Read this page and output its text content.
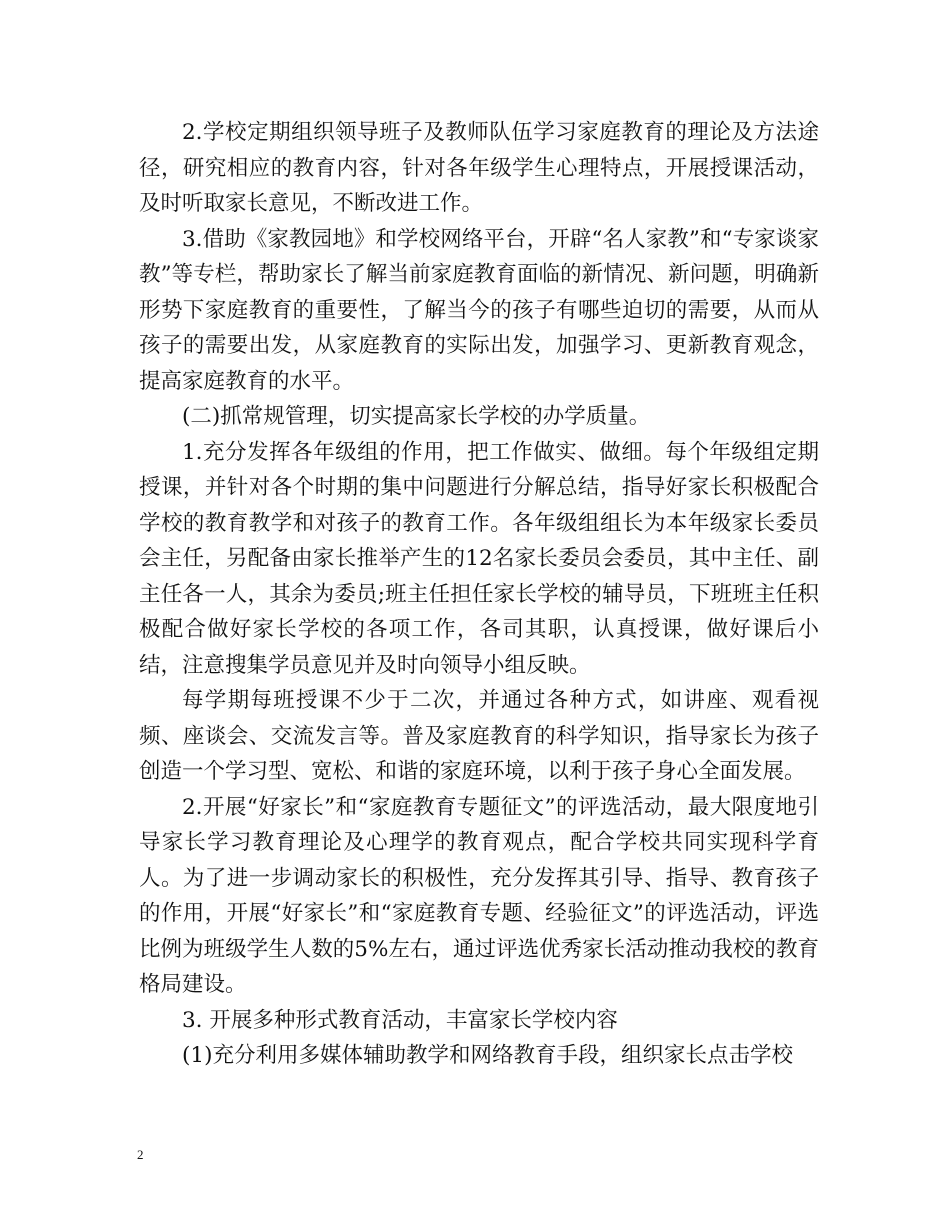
2.学校定期组织领导班子及教师队伍学习家庭教育的理论及方法途径，研究相应的教育内容，针对各年级学生心理特点，开展授课活动，及时听取家长意见，不断改进工作。

3.借助《家教园地》和学校网络平台，开辟“名人家教”和“专家谈家教”等专栏，帮助家长了解当前家庭教育面临的新情况、新问题，明确新形势下家庭教育的重要性，了解当今的孩子有哪些迫切的需要，从而从孩子的需要出发，从家庭教育的实际出发，加强学习、更新教育观念，提高家庭教育的水平。

(二)抓常规管理，切实提高家长学校的办学质量。

1.充分发挥各年级组的作用，把工作做实、做细。每个年级组定期授课，并针对各个时期的集中问题进行分解总结，指导好家长积极配合学校的教育教学和对孩子的教育工作。各年级组组长为本年级家长委员会主任，另配备由家长推举产生的12名家长委员会委员，其中主任、副主任各一人，其余为委员;班主任担任家长学校的辅导员，下班班主任积极配合做好家长学校的各项工作，各司其职，认真授课，做好课后小结，注意搜集学员意见并及时向领导小组反映。

每学期每班授课不少于二次，并通过各种方式，如讲座、观看视频、座谈会、交流发言等。普及家庭教育的科学知识，指导家长为孩子创造一个学习型、宽松、和谐的家庭环境，以利于孩子身心全面发展。

2.开展“好家长”和“家庭教育专题征文”的评选活动，最大限度地引导家长学习教育理论及心理学的教育观点，配合学校共同实现科学育人。为了进一步调动家长的积极性，充分发挥其引导、指导、教育孩子的作用，开展“好家长”和“家庭教育专题、经验征文”的评选活动，评选比例为班级学生人数的5%左右，通过评选优秀家长活动推动我校的教育格局建设。

3. 开展多种形式教育活动，丰富家长学校内容

(1)充分利用多媒体辅助教学和网络教育手段，组织家长点击学校

2
